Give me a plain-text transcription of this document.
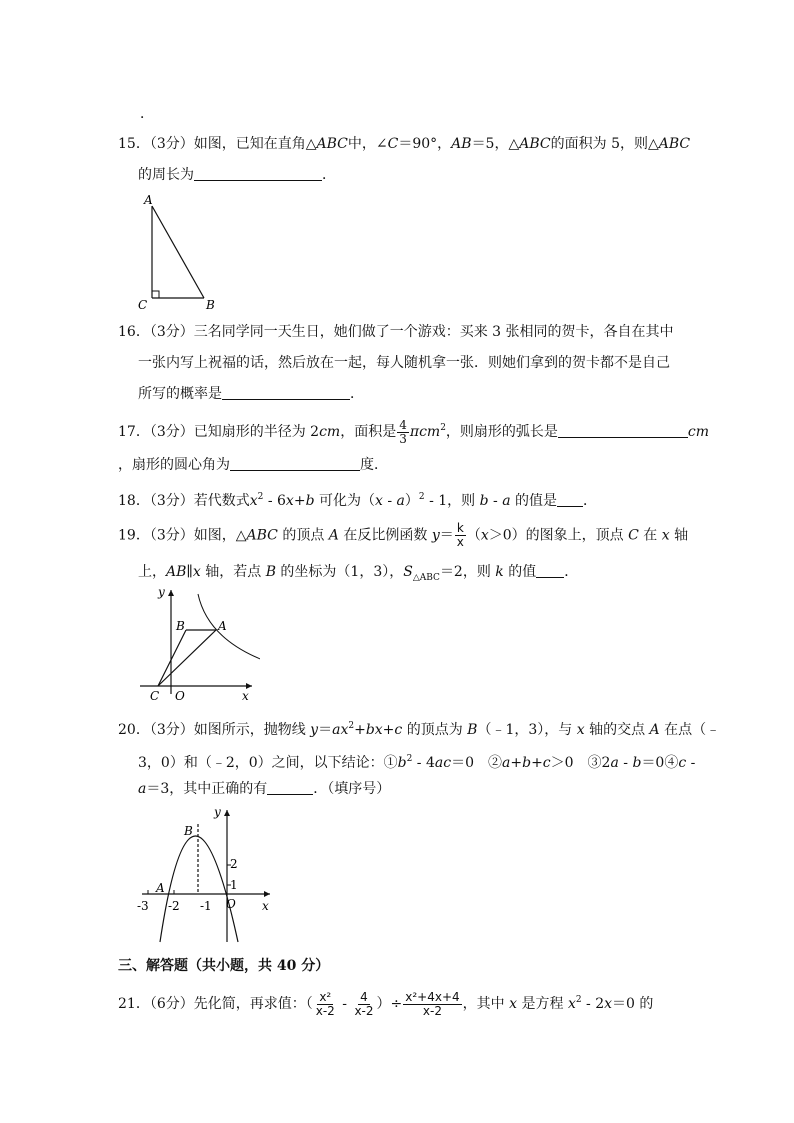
．
15．（3分）如图，已知在直角△ABC中，∠C＝90°，AB＝5，△ABC的面积为 5，则△ABC
的周长为	．
A
B
C
16．（3分）三名同学同一天生日，她们做了一个游戏：买来 3 张相同的贺卡，各自在其中
一张内写上祝福的话，然后放在一起，每人随机拿一张．则她们拿到的贺卡都不是自己
所写的概率是	．
17．（3分）已知扇形的半径为 2cm，面积是 $\frac{4}{3} \pi cm^2$，则扇形的弧长是	cm
，扇形的圆心角为	度．
18．（3分）若代数式$x^2 - 6x+b$ 可化为（x - a）$^2$ - 1，则 b - a 的值是 ．
19．（3分）如图，△ABC 的顶点 A 在反比例函数 $y= \frac{k}{x} (x>0)$的图象上，顶点 C 在 x 轴
上，AB∥x 轴，若点 B 的坐标为（1，3），$S_{\triangle ABC}=2$，则 k 的值 ．
y
x
B	A
C O
20．（3分）如图所示，抛物线 $y=ax^2+bx+c$ 的顶点为 B（﹣1，3），与 x 轴的交点 A 在点（﹣
3，0）和（﹣2，0）之间，以下结论：$①b^2 - 4ac=0$　②a+b+c＞0　③2a - b＝0④c -
a＝3，其中正确的有	．（填序号）
y
B
2
1
A
-3 -2 -1 O x
三、解答题（共小题，共 40 分）
21．（6分）先化简，再求值：（ $\frac{\text{x²}}{x-2} - \frac{4}{x-2}$ ）÷ $\frac{\text{x²+4x+4}}{x-2}$ ，其中 x 是方程 $x^2 - 2x=0$ 的
